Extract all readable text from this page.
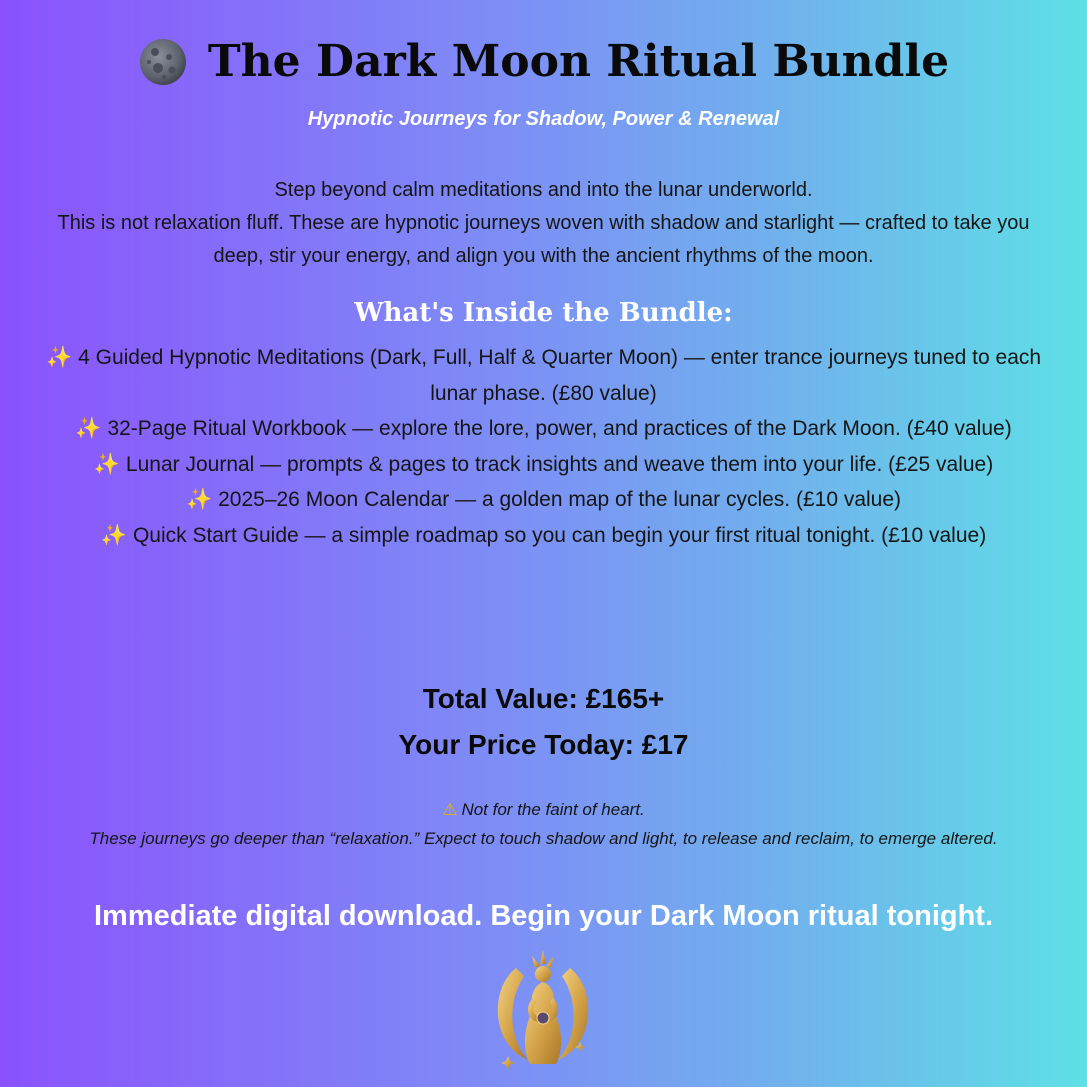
The Dark Moon Ritual Bundle
Hypnotic Journeys for Shadow, Power & Renewal
Step beyond calm meditations and into the lunar underworld.
This is not relaxation fluff. These are hypnotic journeys woven with shadow and starlight — crafted to take you deep, stir your energy, and align you with the ancient rhythms of the moon.
What's Inside the Bundle:
✨ 4 Guided Hypnotic Meditations (Dark, Full, Half & Quarter Moon) — enter trance journeys tuned to each lunar phase. (£80 value)
✨ 32-Page Ritual Workbook — explore the lore, power, and practices of the Dark Moon. (£40 value)
✨ Lunar Journal — prompts & pages to track insights and weave them into your life. (£25 value)
✨ 2025–26 Moon Calendar — a golden map of the lunar cycles. (£10 value)
✨ Quick Start Guide — a simple roadmap so you can begin your first ritual tonight. (£10 value)
Total Value: £165+
Your Price Today: £17
⚠ Not for the faint of heart.
These journeys go deeper than “relaxation.” Expect to touch shadow and light, to release and reclaim, to emerge altered.
Immediate digital download. Begin your Dark Moon ritual tonight.
